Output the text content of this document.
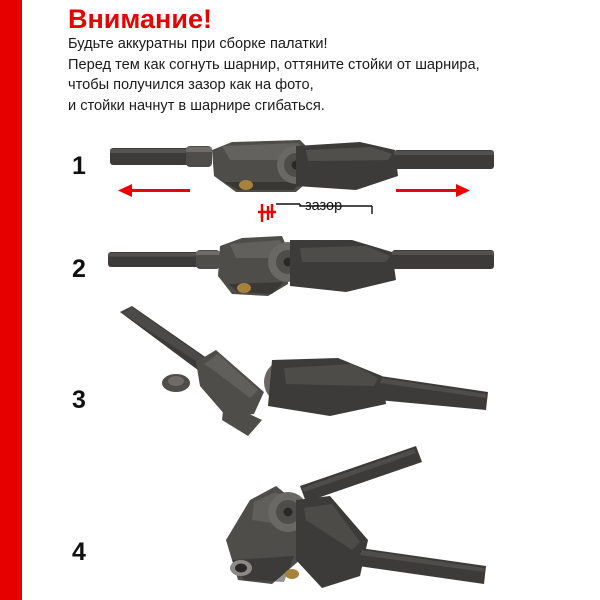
Внимание!
Будьте аккуратны при сборке палатки!
Перед тем как согнуть шарнир, оттяните стойки от шарнира,
чтобы получился зазор как на фото,
и стойки начнут в шарнире сгибаться.
1
2
3
4
зазор
